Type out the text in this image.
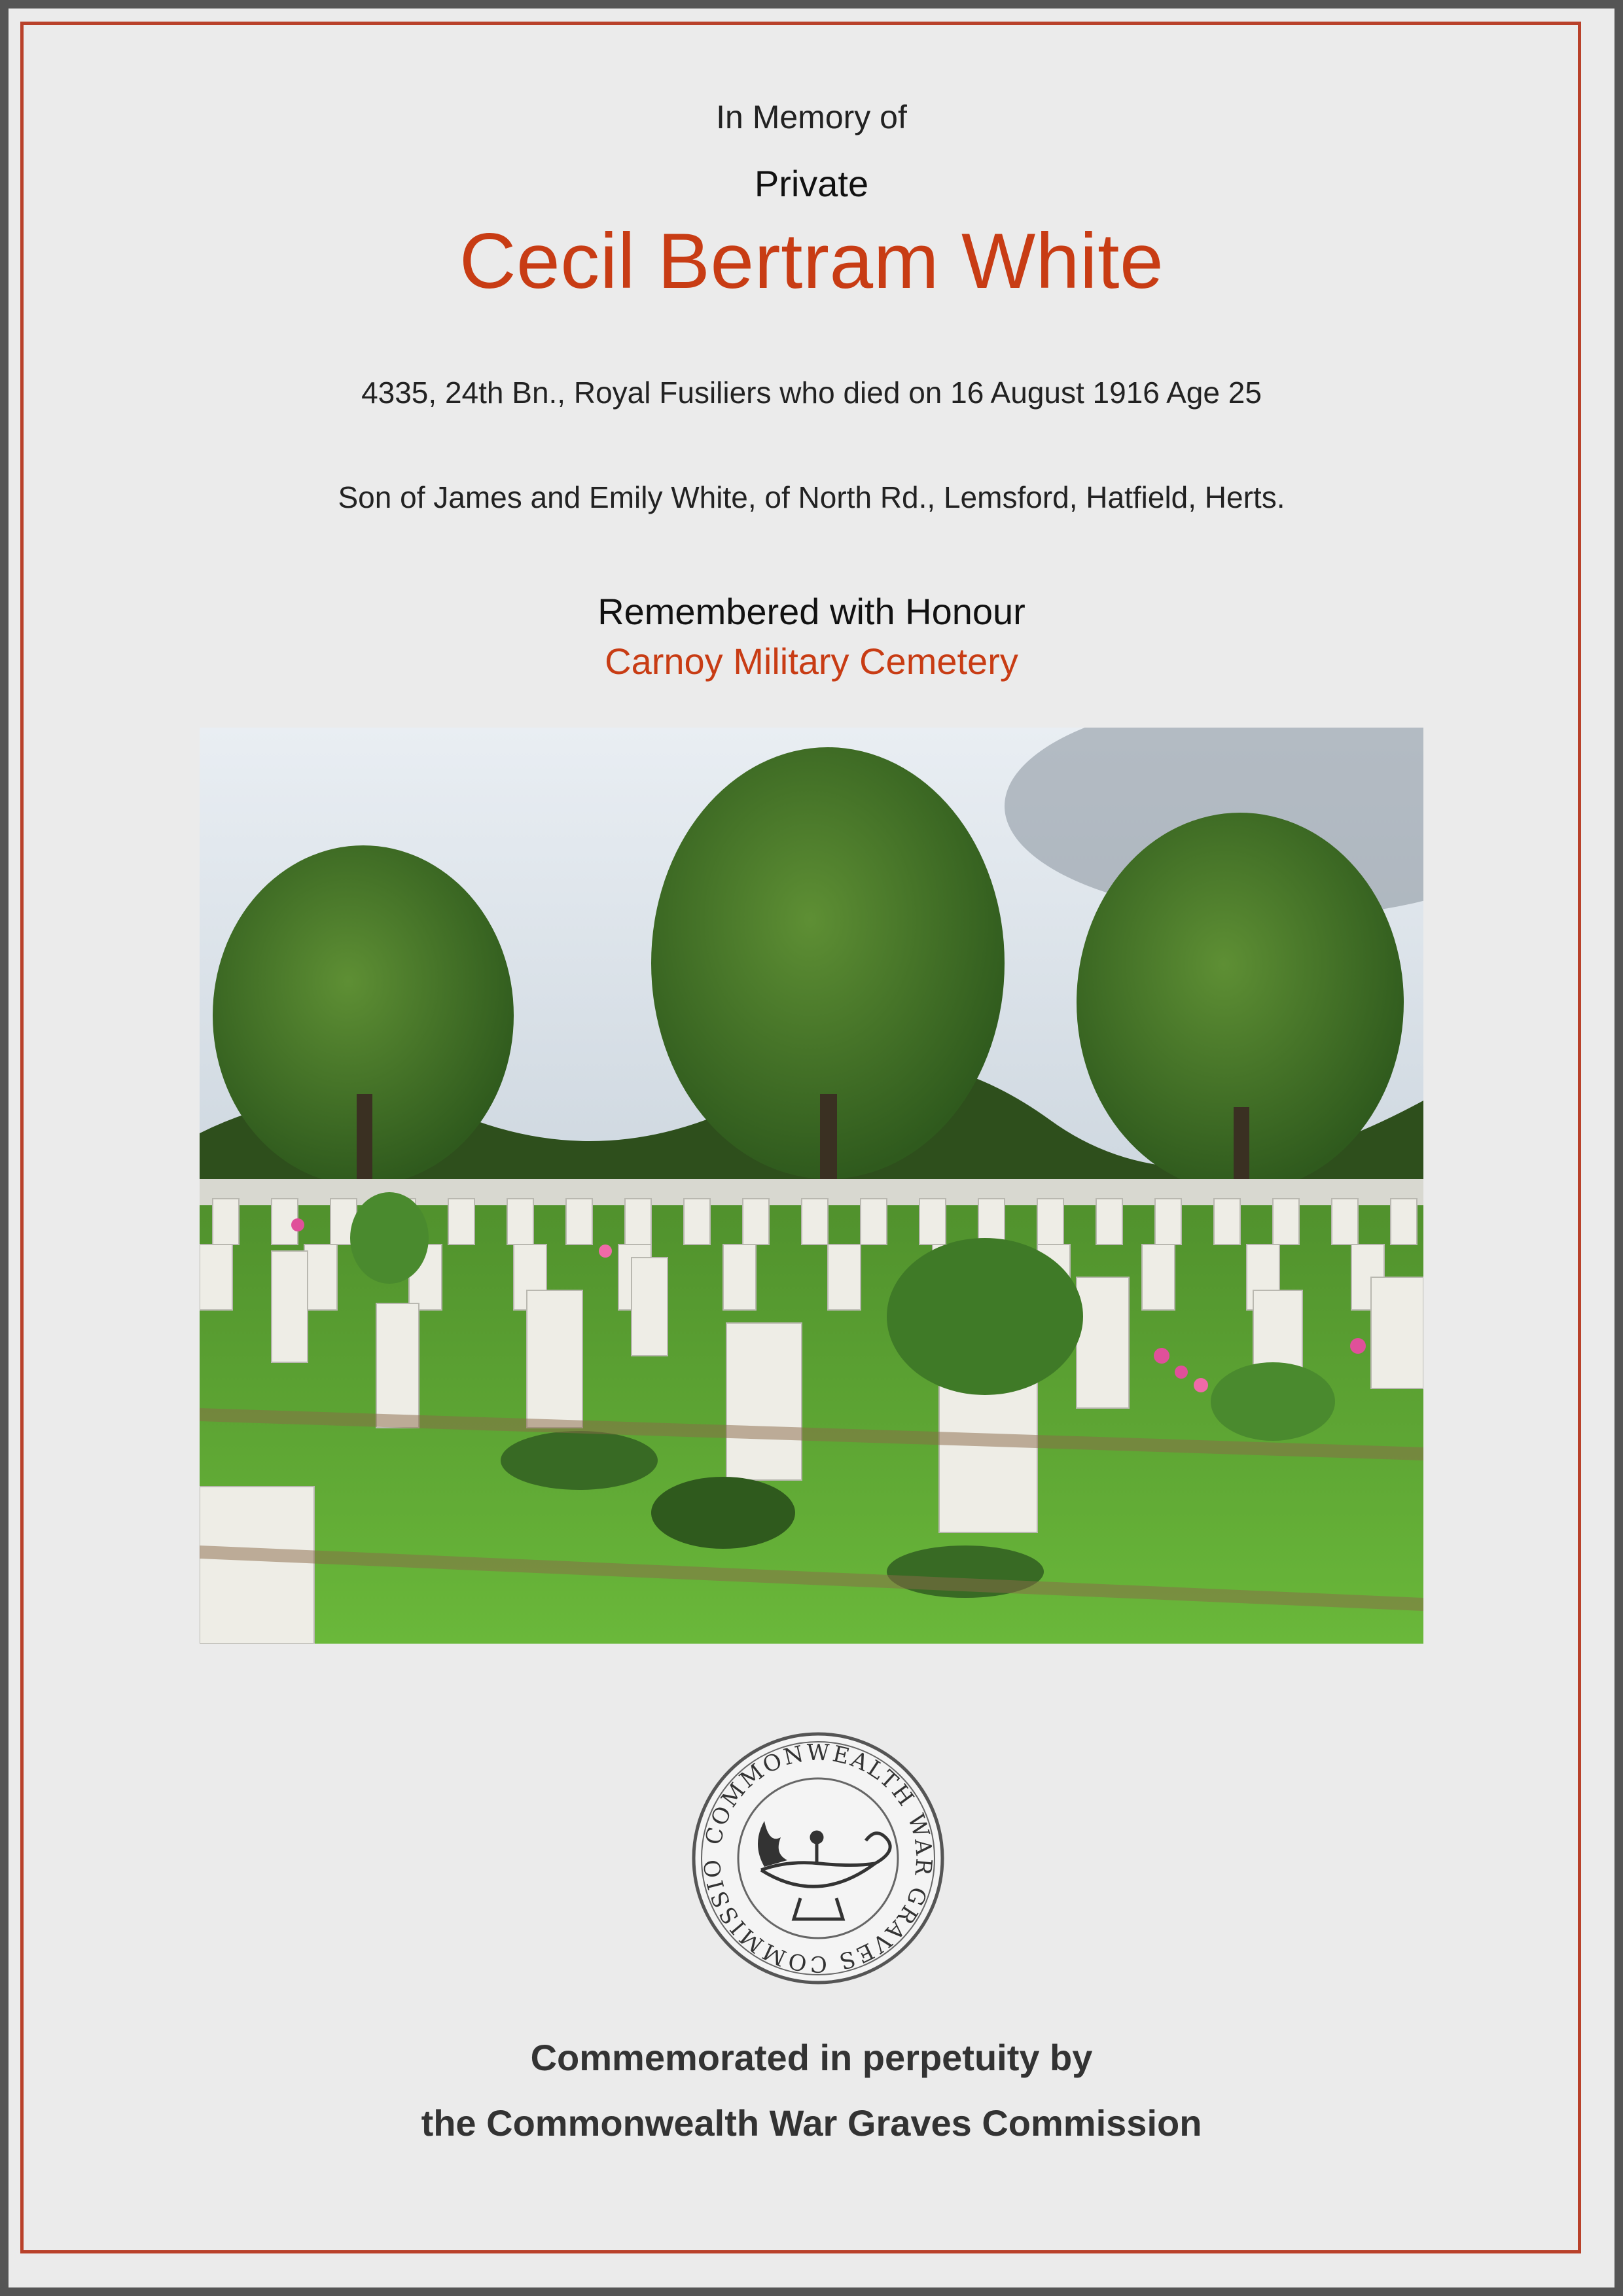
In Memory of
Private
Cecil Bertram White
4335, 24th Bn., Royal Fusiliers who died on 16 August 1916 Age 25
Son of James and Emily White, of North Rd., Lemsford, Hatfield, Herts.
Remembered with Honour
Carnoy Military Cemetery
COMMONWEALTH WAR GRAVES COMMISSIO
Commemorated in perpetuity by
the Commonwealth War Graves Commission
